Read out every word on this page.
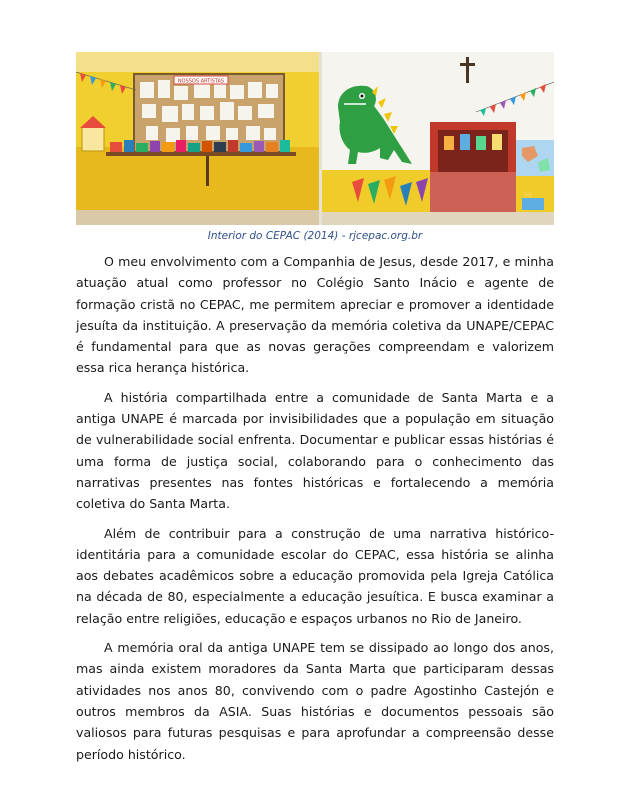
NOSSOS ARTISTAS
Interior do CEPAC (2014) - rjcepac.org.br

O meu envolvimento com a Companhia de Jesus, desde 2017, e minha atuação atual como professor no Colégio Santo Inácio e agente de formação cristã no CEPAC, me permitem apreciar e promover a identidade jesuíta da instituição. A preservação da memória coletiva da UNAPE/CEPAC é fundamental para que as novas gerações compreendam e valorizem essa rica herança histórica.

A história compartilhada entre a comunidade de Santa Marta e a antiga UNAPE é marcada por invisibilidades que a população em situação de vulnerabilidade social enfrenta. Documentar e publicar essas histórias é uma forma de justiça social, colaborando para o conhecimento das narrativas presentes nas fontes históricas e fortalecendo a memória coletiva do Santa Marta.

Além de contribuir para a construção de uma narrativa histórico-identitária para a comunidade escolar do CEPAC, essa história se alinha aos debates acadêmicos sobre a educação promovida pela Igreja Católica na década de 80, especialmente a educação jesuítica. E busca examinar a relação entre religiões, educação e espaços urbanos no Rio de Janeiro.

A memória oral da antiga UNAPE tem se dissipado ao longo dos anos, mas ainda existem moradores da Santa Marta que participaram dessas atividades nos anos 80, convivendo com o padre Agostinho Castejón e outros membros da ASIA. Suas histórias e documentos pessoais são valiosos para futuras pesquisas e para aprofundar a compreensão desse período histórico.
